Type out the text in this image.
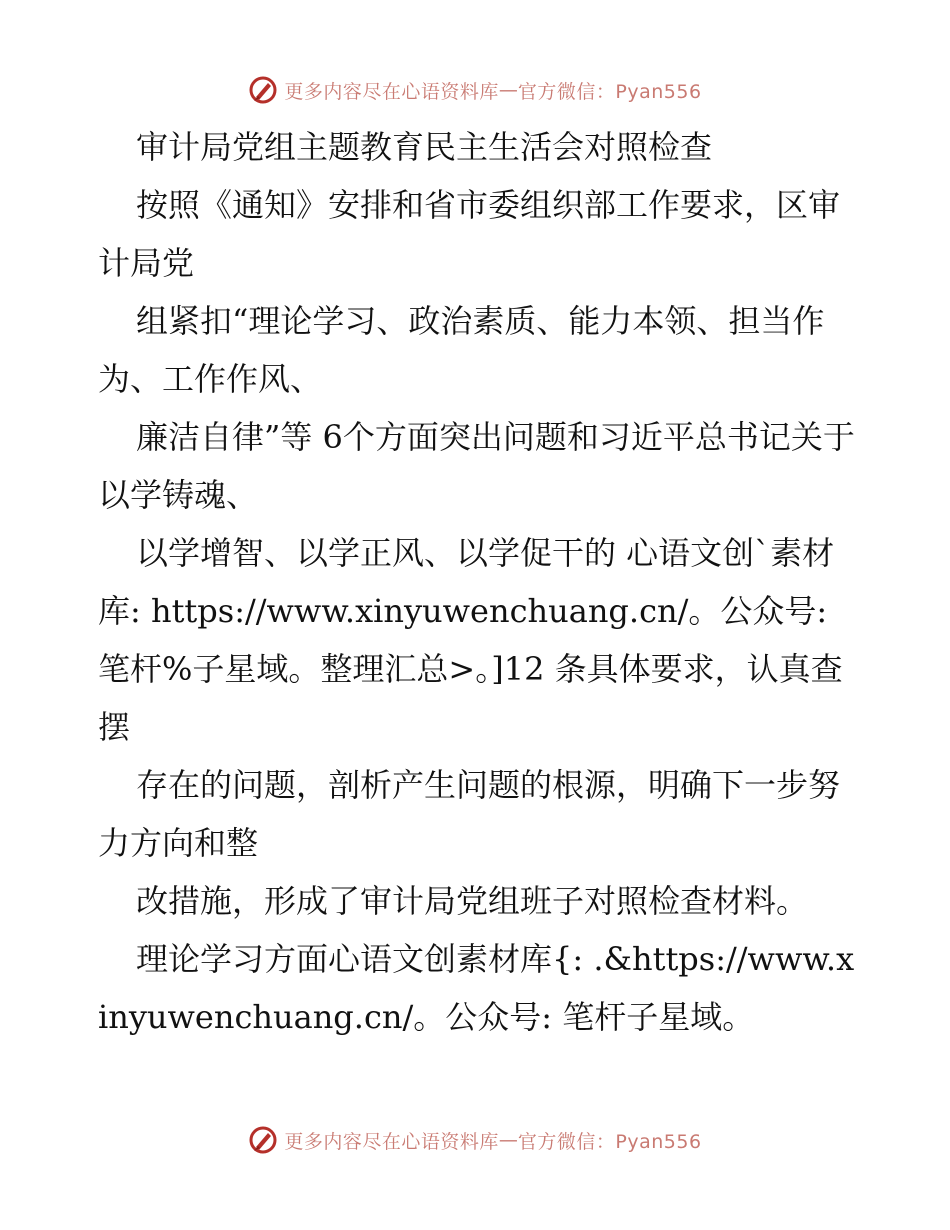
更多内容尽在心语资料库 — 官方微信：Pyan556

审计局党组主题教育民主生活会对照检查

按照《通知》安排和省市委组织部工作要求，区审计局党

组紧扣“理论学习、政治素质、能力本领、担当作为、工作作风、

廉洁自律”等 6个方面突出问题和习近平总书记关于以学铸魂、

以学增智、以学正风、以学促干的 心语文创`素材库: https://www.xinyuwenchuang.cn/。公众号: 笔杆%子星域。整理汇总>。]12 条具体要求，认真查摆

存在的问题，剖析产生问题的根源，明确下一步努力方向和整

改措施，形成了审计局党组班子对照检查材料。

理论学习方面心语文创素材库{: .&https://www.xinyuwenchuang.cn/。公众号: 笔杆子星域。

更多内容尽在心语资料库 — 官方微信：Pyan556
